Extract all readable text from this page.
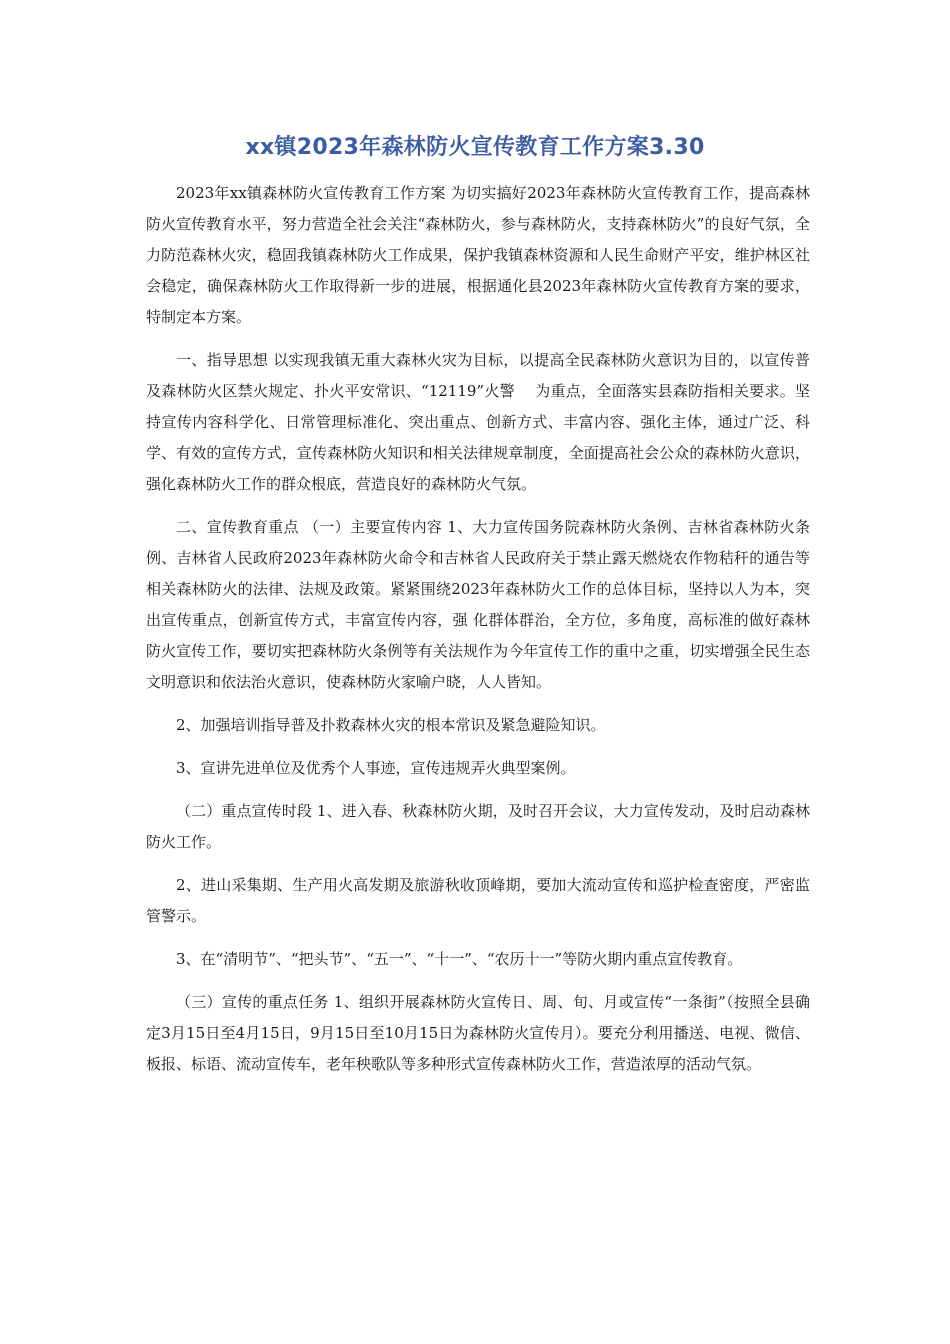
xx镇2023年森林防火宣传教育工作方案3.30

2023年xx镇森林防火宣传教育工作方案 为切实搞好2023年森林防火宣传教育工作，提高森林防火宣传教育水平，努力营造全社会关注“森林防火，参与森林防火，支持森林防火”的良好气氛，全力防范森林火灾，稳固我镇森林防火工作成果，保护我镇森林资源和人民生命财产平安，维护林区社会稳定，确保森林防火工作取得新一步的进展，根据通化县2023年森林防火宣传教育方案的要求，特制定本方案。

一、指导思想 以实现我镇无重大森林火灾为目标，以提高全民森林防火意识为目的，以宣传普及森林防火区禁火规定、扑火平安常识、“12119”火警　 为重点，全面落实县森防指相关要求。坚持宣传内容科学化、日常管理标准化、突出重点、创新方式、丰富内容、强化主体，通过广泛、科学、有效的宣传方式，宣传森林防火知识和相关法律规章制度，全面提高社会公众的森林防火意识，强化森林防火工作的群众根底，营造良好的森林防火气氛。

二、宣传教育重点 （一）主要宣传内容 1、大力宣传国务院森林防火条例、吉林省森林防火条例、吉林省人民政府2023年森林防火命令和吉林省人民政府关于禁止露天燃烧农作物秸秆的通告等相关森林防火的法律、法规及政策。紧紧围绕2023年森林防火工作的总体目标，坚持以人为本，突出宣传重点，创新宣传方式，丰富宣传内容，强 化群体群治，全方位，多角度，高标准的做好森林防火宣传工作，要切实把森林防火条例等有关法规作为今年宣传工作的重中之重，切实增强全民生态文明意识和依法治火意识，使森林防火家喻户晓，人人皆知。

2、加强培训指导普及扑救森林火灾的根本常识及紧急避险知识。

3、宣讲先进单位及优秀个人事迹，宣传违规弄火典型案例。

（二）重点宣传时段 1、进入春、秋森林防火期，及时召开会议，大力宣传发动，及时启动森林防火工作。

2、进山采集期、生产用火高发期及旅游秋收顶峰期，要加大流动宣传和巡护检查密度，严密监管警示。

3、在“清明节”、“把头节”、“五一”、“十一”、“农历十一”等防火期内重点宣传教育。

（三）宣传的重点任务 1、组织开展森林防火宣传日、周、旬、月或宣传“一条街”（按照全县确定3月15日至4月15日，9月15日至10月15日为森林防火宣传月）。要充分利用播送、电视、微信、板报、标语、流动宣传车，老年秧歌队等多种形式宣传森林防火工作，营造浓厚的活动气氛。
